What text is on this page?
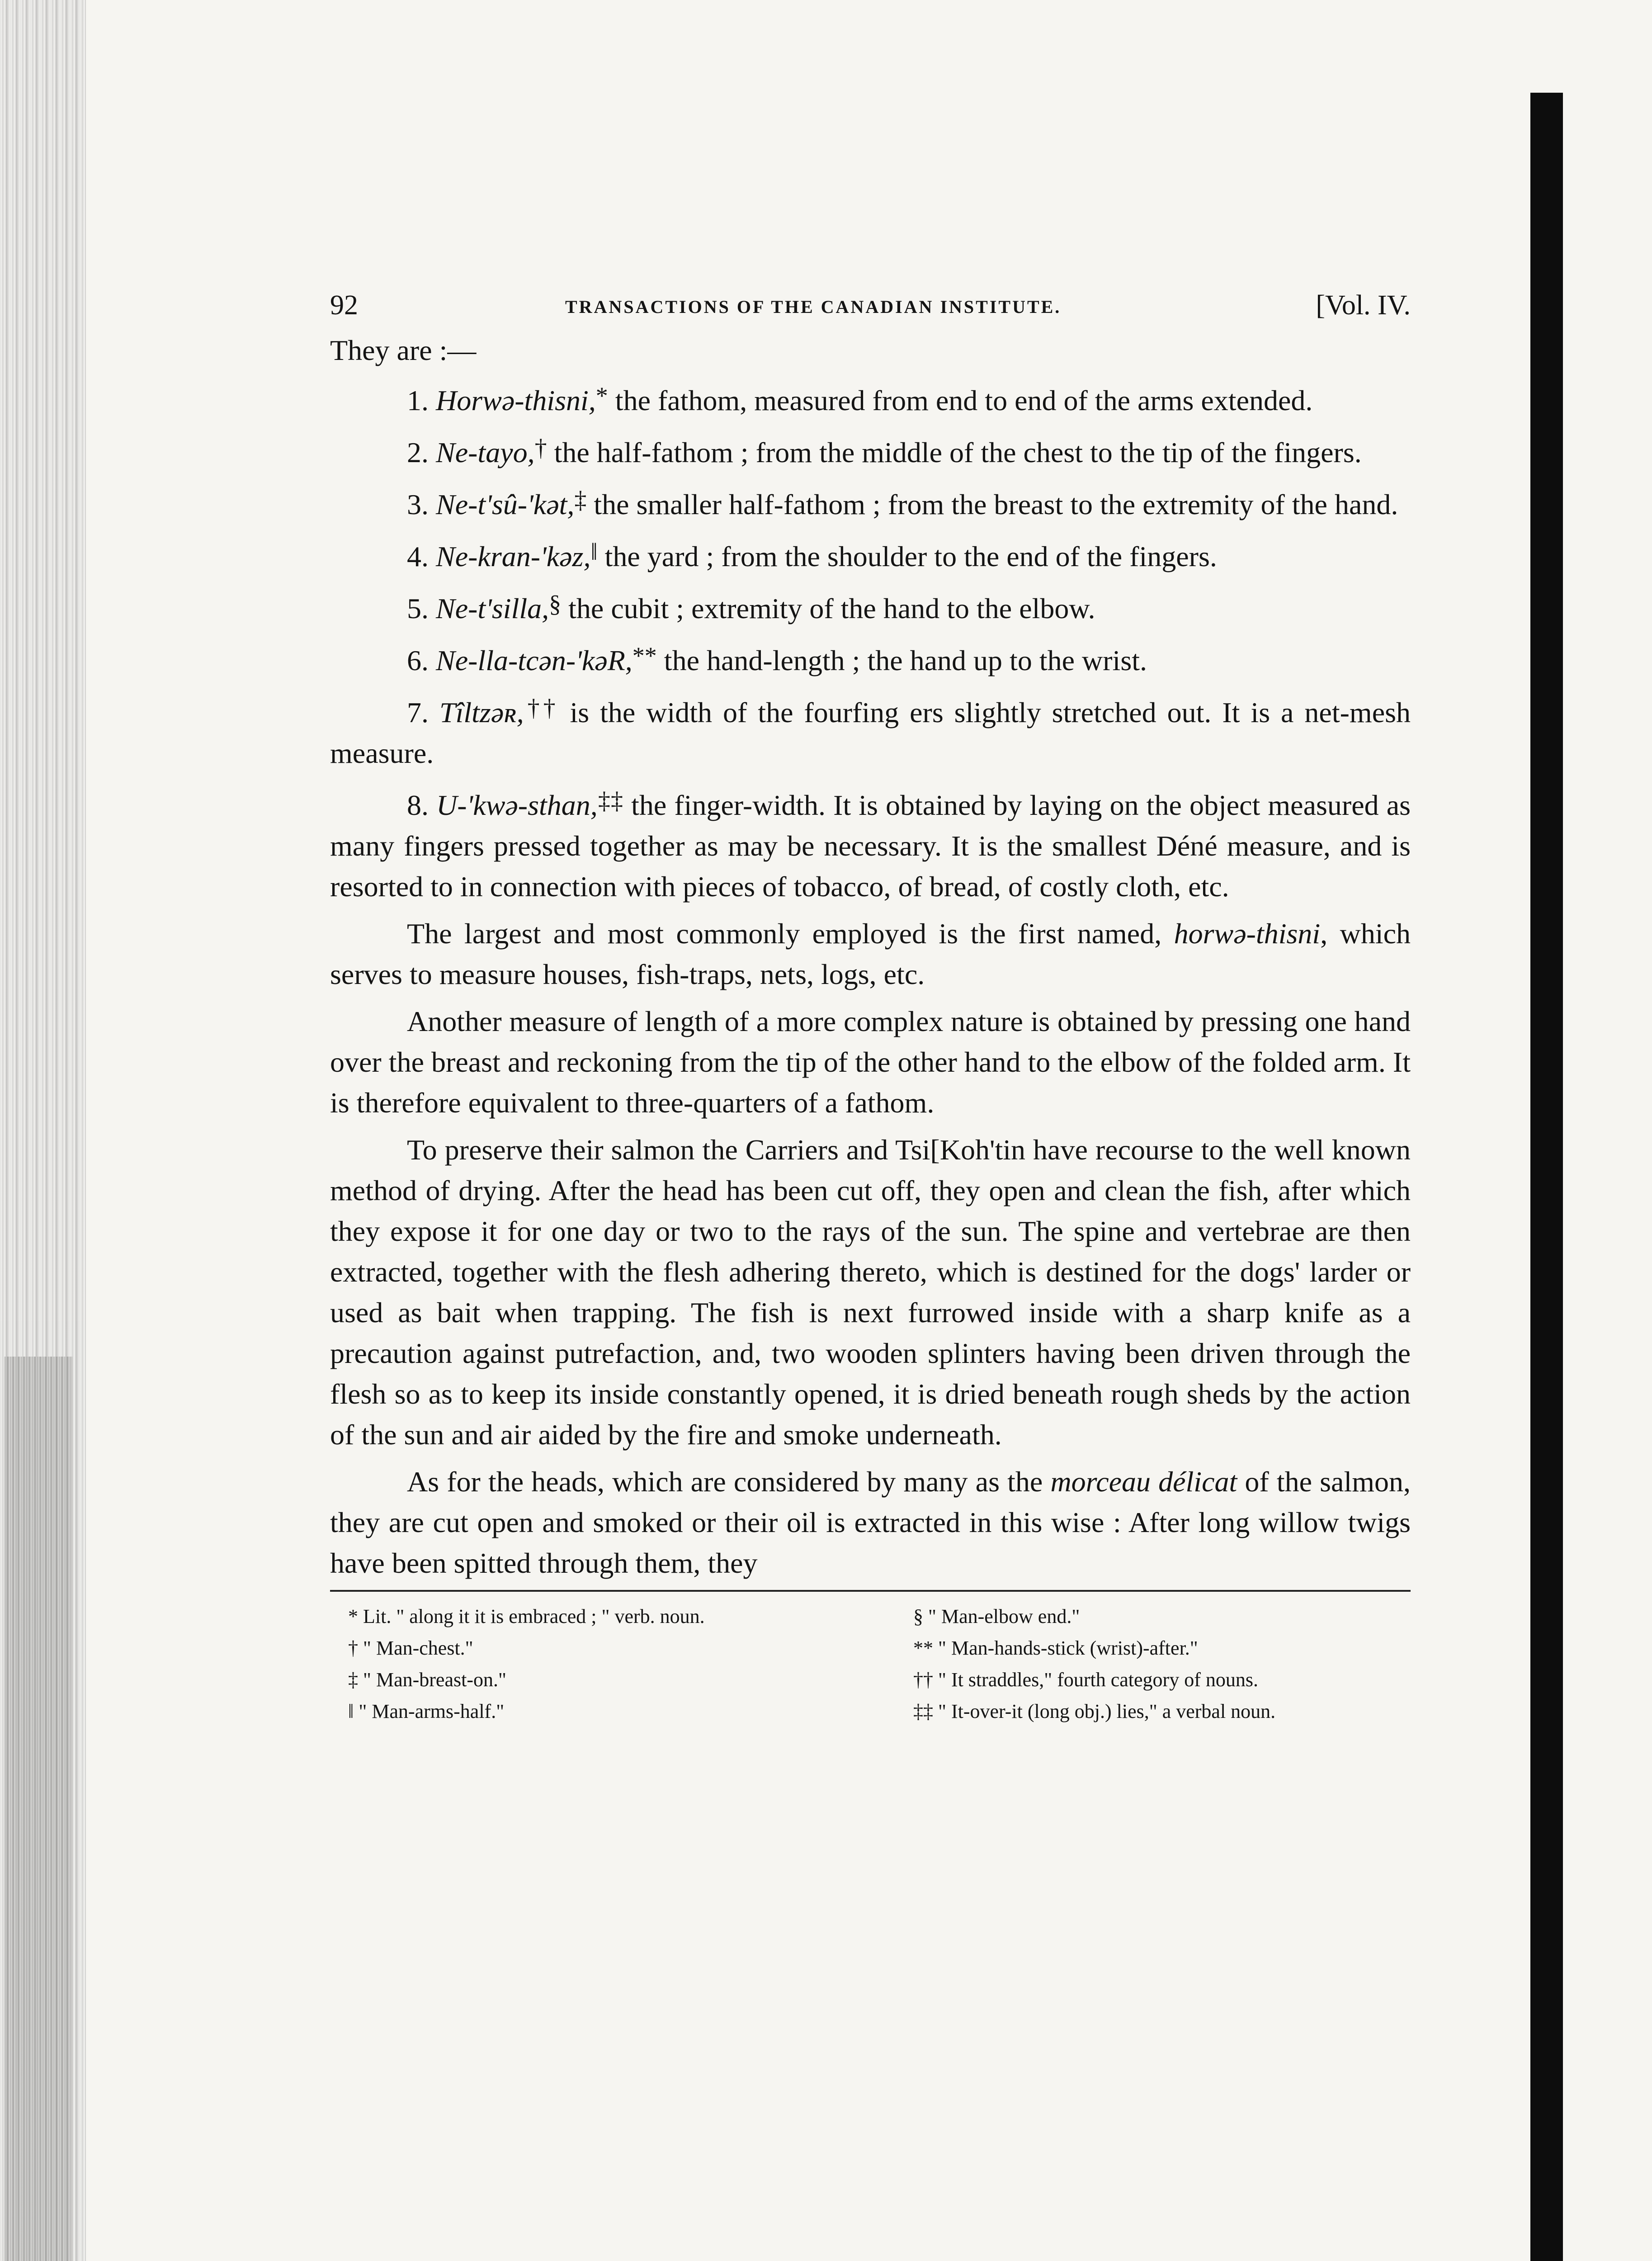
92	TRANSACTIONS OF THE CANADIAN INSTITUTE.	[Vol. IV.

They are :—

1. Horwə-thisni,* the fathom, measured from end to end of the arms extended.

2. Ne-tayo,† the half-fathom ; from the middle of the chest to the tip of the fingers.

3. Ne-t'sû-'kət,‡ the smaller half-fathom ; from the breast to the extremity of the hand.

4. Ne-kran-'kəz,‖ the yard ; from the shoulder to the end of the fingers.

5. Ne-t'silla,§ the cubit ; extremity of the hand to the elbow.

6. Ne-lla-tcən-'kəR,** the hand-length ; the hand up to the wrist.

7. Tîltzəʀ,†† is the width of the fourfing ers slightly stretched out. It is a net-mesh measure.

8. U-'kwə-sthan,‡‡ the finger-width. It is obtained by laying on the object measured as many fingers pressed together as may be necessary. It is the smallest Déné measure, and is resorted to in connection with pieces of tobacco, of bread, of costly cloth, etc.

The largest and most commonly employed is the first named, horwə-thisni, which serves to measure houses, fish-traps, nets, logs, etc.

Another measure of length of a more complex nature is obtained by pressing one hand over the breast and reckoning from the tip of the other hand to the elbow of the folded arm. It is therefore equivalent to three-quarters of a fathom.

To preserve their salmon the Carriers and Tsi[Koh'tin have recourse to the well known method of drying. After the head has been cut off, they open and clean the fish, after which they expose it for one day or two to the rays of the sun. The spine and vertebrae are then extracted, together with the flesh adhering thereto, which is destined for the dogs' larder or used as bait when trapping. The fish is next furrowed inside with a sharp knife as a precaution against putrefaction, and, two wooden splinters having been driven through the flesh so as to keep its inside constantly opened, it is dried beneath rough sheds by the action of the sun and air aided by the fire and smoke underneath.

As for the heads, which are considered by many as the morceau délicat of the salmon, they are cut open and smoked or their oil is extracted in this wise : After long willow twigs have been spitted through them, they

* Lit. " along it it is embraced ; " verb. noun.
† " Man-chest."
‡ " Man-breast-on."
‖ " Man-arms-half."
§ " Man-elbow end."
** " Man-hands-stick (wrist)-after."
†† " It straddles," fourth category of nouns.
‡‡ " It-over-it (long obj.) lies," a verbal noun.
